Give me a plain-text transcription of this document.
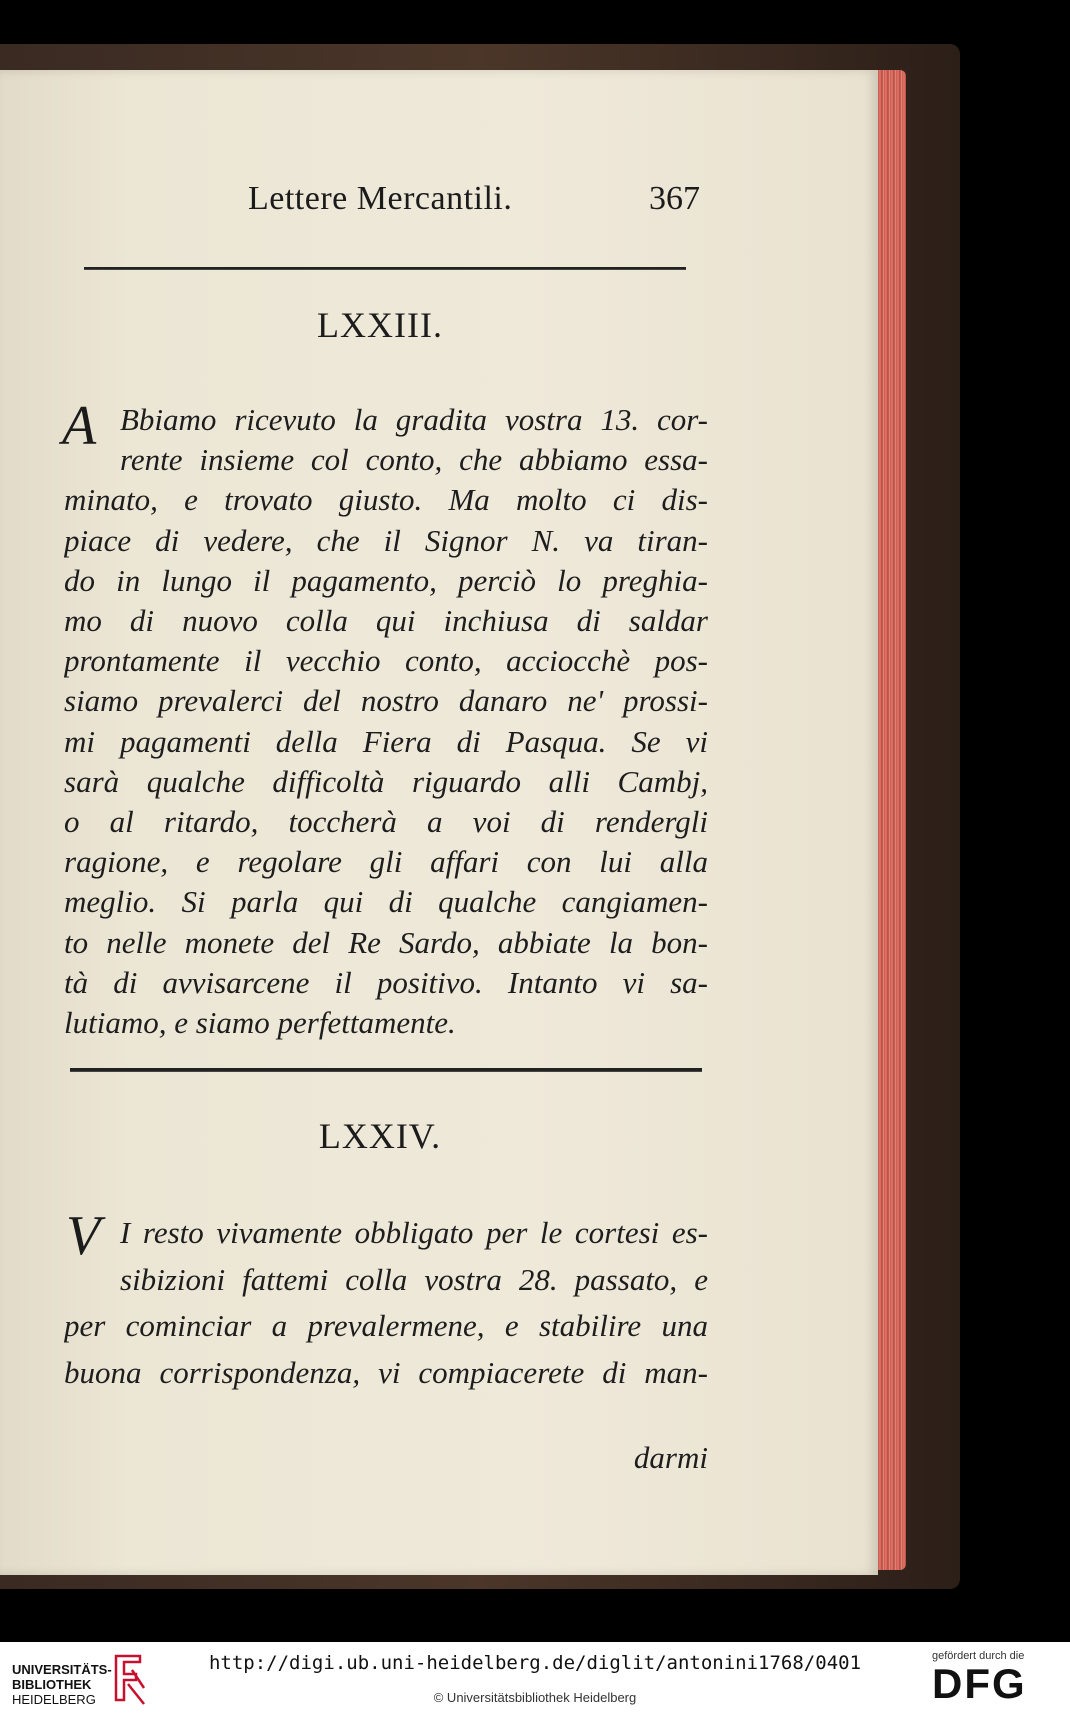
Lettere Mercantili.	367
LXXIII.
A Bbiamo ricevuto la gradita vostra 13. cor-
rente insieme col conto, che abbiamo essa-
minato, e trovato giusto. Ma molto ci dis-
piace di vedere, che il Signor N. va tiran-
do in lungo il pagamento, perciò lo preghia-
mo di nuovo colla qui inchiusa di saldar
prontamente il vecchio conto, acciocchè pos-
siamo prevalerci del nostro danaro ne' prossi-
mi pagamenti della Fiera di Pasqua. Se vi
sarà qualche difficoltà riguardo alli Cambj,
o al ritardo, toccherà a voi di rendergli
ragione, e regolare gli affari con lui alla
meglio. Si parla qui di qualche cangiamen-
to nelle monete del Re Sardo, abbiate la bon-
tà di avvisarcene il positivo. Intanto vi sa-
lutiamo, e siamo perfettamente.
LXXIV.
V I resto vivamente obbligato per le cortesi es-
sibizioni fattemi colla vostra 28. passato, e
per cominciar a prevalermene, e stabilire una
buona corrispondenza, vi compiacerete di man-
darmi
UNIVERSITÄTS-
BIBLIOTHEK
HEIDELBERG
http://digi.ub.uni-heidelberg.de/diglit/antonini1768/0401
© Universitätsbibliothek Heidelberg
gefördert durch die
DFG
